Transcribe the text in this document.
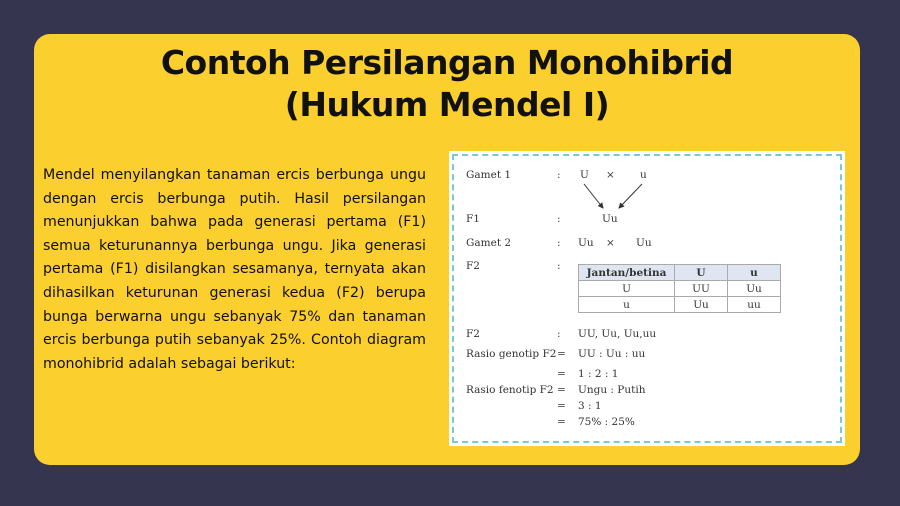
Contoh Persilangan Monohibrid
(Hukum Mendel I)
Mendel menyilangkan tanaman ercis berbunga ungu dengan ercis berbunga putih. Hasil persilangan menunjukkan bahwa pada generasi pertama (F1) semua keturunannya berbunga ungu. Jika generasi pertama (F1) disilangkan sesamanya, ternyata akan dihasilkan keturunan generasi kedua (F2) berupa bunga berwarna ungu sebanyak 75% dan tanaman ercis berbunga putih sebanyak 25%. Contoh diagram monohibrid adalah sebagai berikut:
Gamet 1	: U × u
F1	:	Uu
Gamet 2	: Uu × Uu
F2	:
Jantan/betina	U	u
U	UU	Uu
u	Uu	uu
F2	: UU, Uu, Uu,uu
Rasio genotip F2 = UU : Uu : uu
= 1 : 2 : 1
Rasio fenotip F2 = Ungu : Putih
= 3 : 1
= 75% : 25%
